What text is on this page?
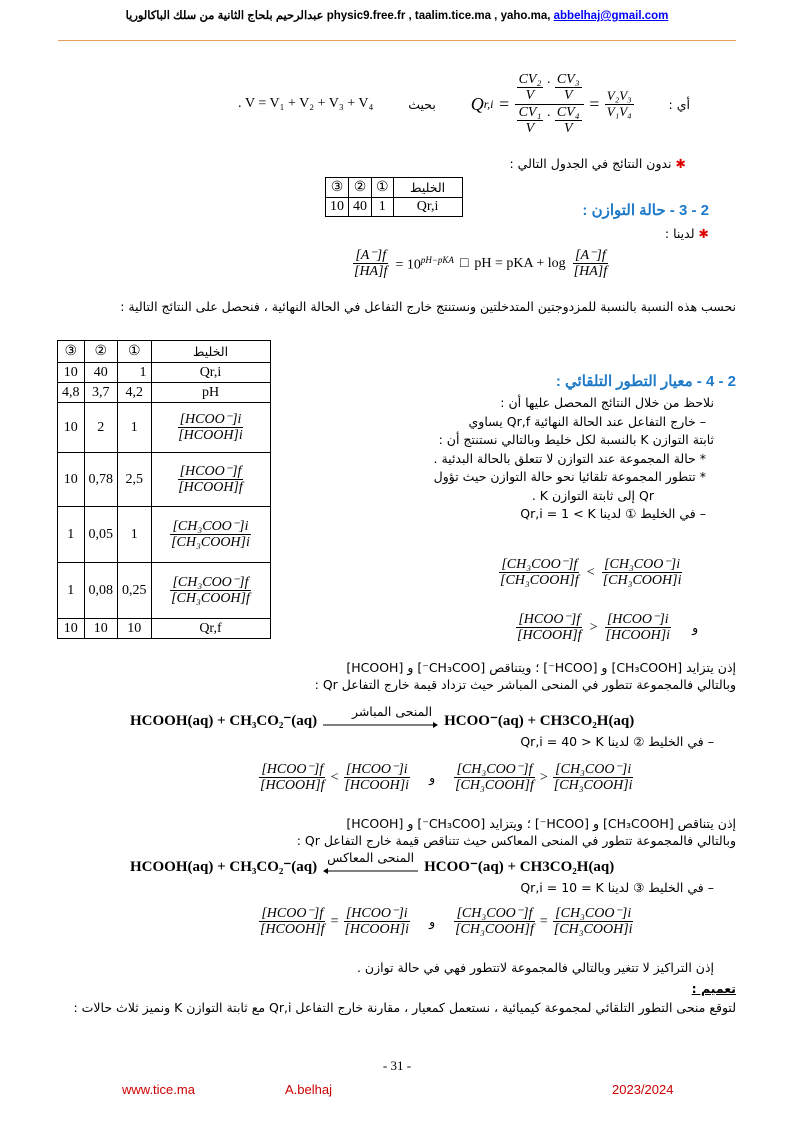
عبدالرحيم بلحاج الثانية من سلك الباكالوريا physic9.free.fr , taalim.tice.ma , yaho.ma, abbelhaj@gmail.com
V = V₁ + V₂ + V₃ + V₄ .	بحيث Q $r,i = \frac{\frac{\text{CV₂}}{V} . \frac{\text{CV₃}}{V}}{\frac{\text{CV₁}}{V} . \frac{\text{CV₄}}{V}} = \frac{\text{V₂V₃}}{\text{V₁V₄}}$	أي :
✱ ندون النتائج في الجدول التالي :
③	②	①	الخليط
10	40	1	Qr,i	2 - 3 - حالة التوازن :
✱ لدينا :
$\frac{[A^-]f}{[HA]f} = 10^{pH-pKA}$ □ pH = pKA + $\log \frac{[A^-]f}{[HA]f}$
نحسب هذه النسبة بالنسبة للمزدوجتين المتدخلتين ونستنتج خارج التفاعل في الحالة النهائية ، فنحصل على النتائج التالية :
③	②	①	الخليط
10	40	1	Qr,i
4,8	3,7	4,2	pH
10	2	1	$\frac{\text{[HCOO⁻]i}}{\text{[HCOOH]i}}$

10	0,78	2,5	$\frac{\text{[HCOO⁻]f}}{\text{[HCOOH]f}}$

1	0,05	1	$\frac{\text{[CH₃COO⁻]i}}{\text{[CH₃COOH]i}}$

1	0,08	0,25	$\frac{\text{[CH₃COO⁻]f}}{\text{[CH₃COOH]f}}$

10	10	10	Qr,f
2 - 4 - معيار التطور التلقائي :
نلاحظ من خلال النتائج المحصل عليها أن :
– خارج التفاعل عند الحالة النهائية Qr,f يساوي
ثابتة التوازن K بالنسبة لكل خليط وبالتالي نستنتج أن :
* حالة المجموعة عند التوازن لا تتعلق بالحالة البدئية .
* تتطور المجموعة تلقائيا نحو حالة التوازن حيث تؤول
Qr إلى ثابتة التوازن K .
– في الخليط ① لدينا Qr,i = 1 < K
$\frac{\text{[CH₃COO⁻]f}}{\text{[CH₃COOH]f}} < \frac{\text{[CH₃COO⁻]i}}{\text{[CH₃COOH]i}}$
$\frac{\text{[HCOO⁻]f}}{\text{[HCOOH]f}} > \frac{\text{[HCOO⁻]i}}{\text{[HCOOH]i}}$ و
إذن يتزايد [CH₃COOH] و [HCOO⁻] ؛ ويتناقص [CH₃COO⁻] و [HCOOH]
وبالتالي فالمجموعة تتطور في المنحى المباشر حيث تزداد قيمة خارج التفاعل Qr :
HCOOH(aq) + CH₃CO₂⁻(aq)
المنحى المباشر
HCOO⁻(aq) + CH3CO₂H(aq)
– في الخليط ② لدينا Qr,i = 40 > K
$\frac{\text{[HCOO⁻]f}}{\text{[HCOOH]f}} < \frac{\text{[HCOO⁻]i}}{\text{[HCOOH]i}}$ و $\frac{\text{[CH₃COO⁻]f}}{\text{[CH₃COOH]f}} > \frac{\text{[CH₃COO⁻]i}}{\text{[CH₃COOH]i}}$
إذن يتناقص [CH₃COOH] و [HCOO⁻] ؛ ويتزايد [CH₃COO⁻] و [HCOOH]
وبالتالي فالمجموعة تتطور في المنحى المعاكس حيث تتناقص قيمة خارج التفاعل Qr :
HCOOH(aq) + CH₃CO₂⁻(aq)
المنحى المعاكس
HCOO⁻(aq) + CH3CO₂H(aq)
– في الخليط ③ لدينا Qr,i = 10 = K
$\frac{\text{[HCOO⁻]f}}{\text{[HCOOH]f}} = \frac{\text{[HCOO⁻]i}}{\text{[HCOOH]i}}$ و $\frac{\text{[CH₃COO⁻]f}}{\text{[CH₃COOH]f}} = \frac{\text{[CH₃COO⁻]i}}{\text{[CH₃COOH]i}}$
إذن التراكيز لا تتغير وبالتالي فالمجموعة لاتتطور فهي في حالة توازن .
تعميم :
لتوقع منحى التطور التلقائي لمجموعة كيميائية ، نستعمل كمعيار ، مقارنة خارج التفاعل Qr,i مع ثابتة التوازن K ونميز ثلاث حالات :
- 31 -
www.tice.ma	A.belhaj	2023/2024
